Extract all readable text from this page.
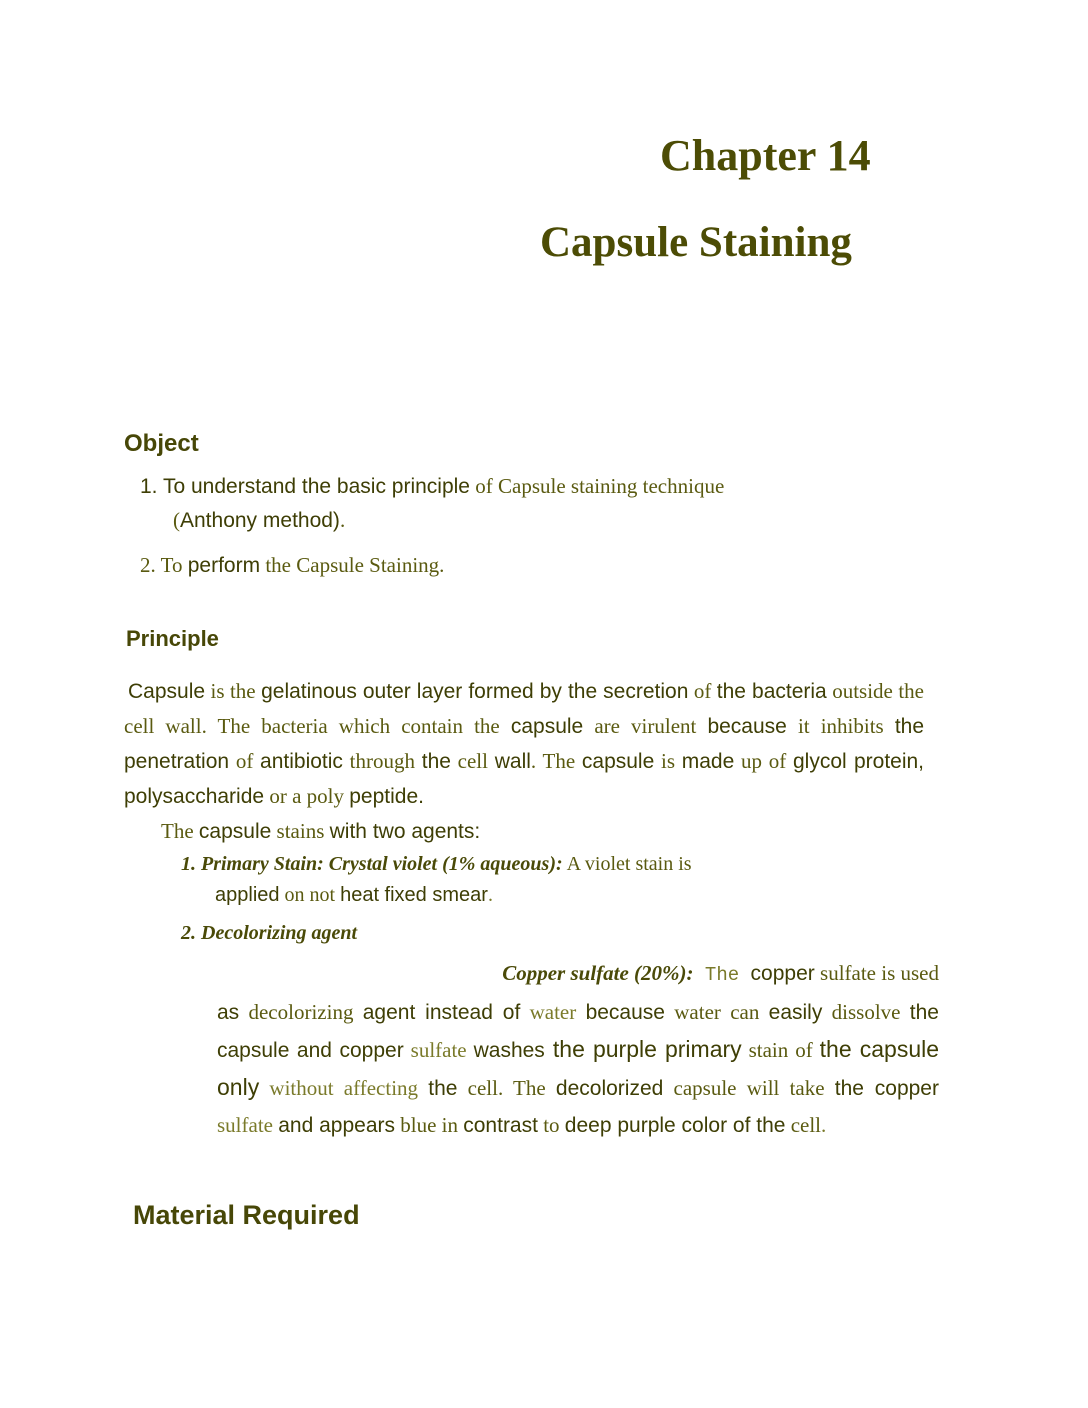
Chapter 14
Capsule Staining
Object
1. To understand the basic principle of Capsule staining technique
(Anthony method).
2. To perform the Capsule Staining.
Principle

Capsule is the gelatinous outer layer formed by the secretion of the bacteria outside the cell wall. The bacteria which contain the capsule are virulent because it inhibits the penetration of antibiotic through the cell wall. The capsule is made up of glycol protein, polysaccharide or a poly peptide.

The capsule stains with two agents:
1. Primary Stain: Crystal violet (1% aqueous): A violet stain is
applied on not heat fixed smear.
2. Decolorizing agent

Copper sulfate (20%): The copper sulfate is used
as decolorizing agent instead of water because water can easily dissolve the capsule and copper sulfate washes the purple primary stain of the capsule only without affecting the cell. The decolorized capsule will take the copper sulfate and appears blue in contrast to deep purple color of the cell.

Material Required
